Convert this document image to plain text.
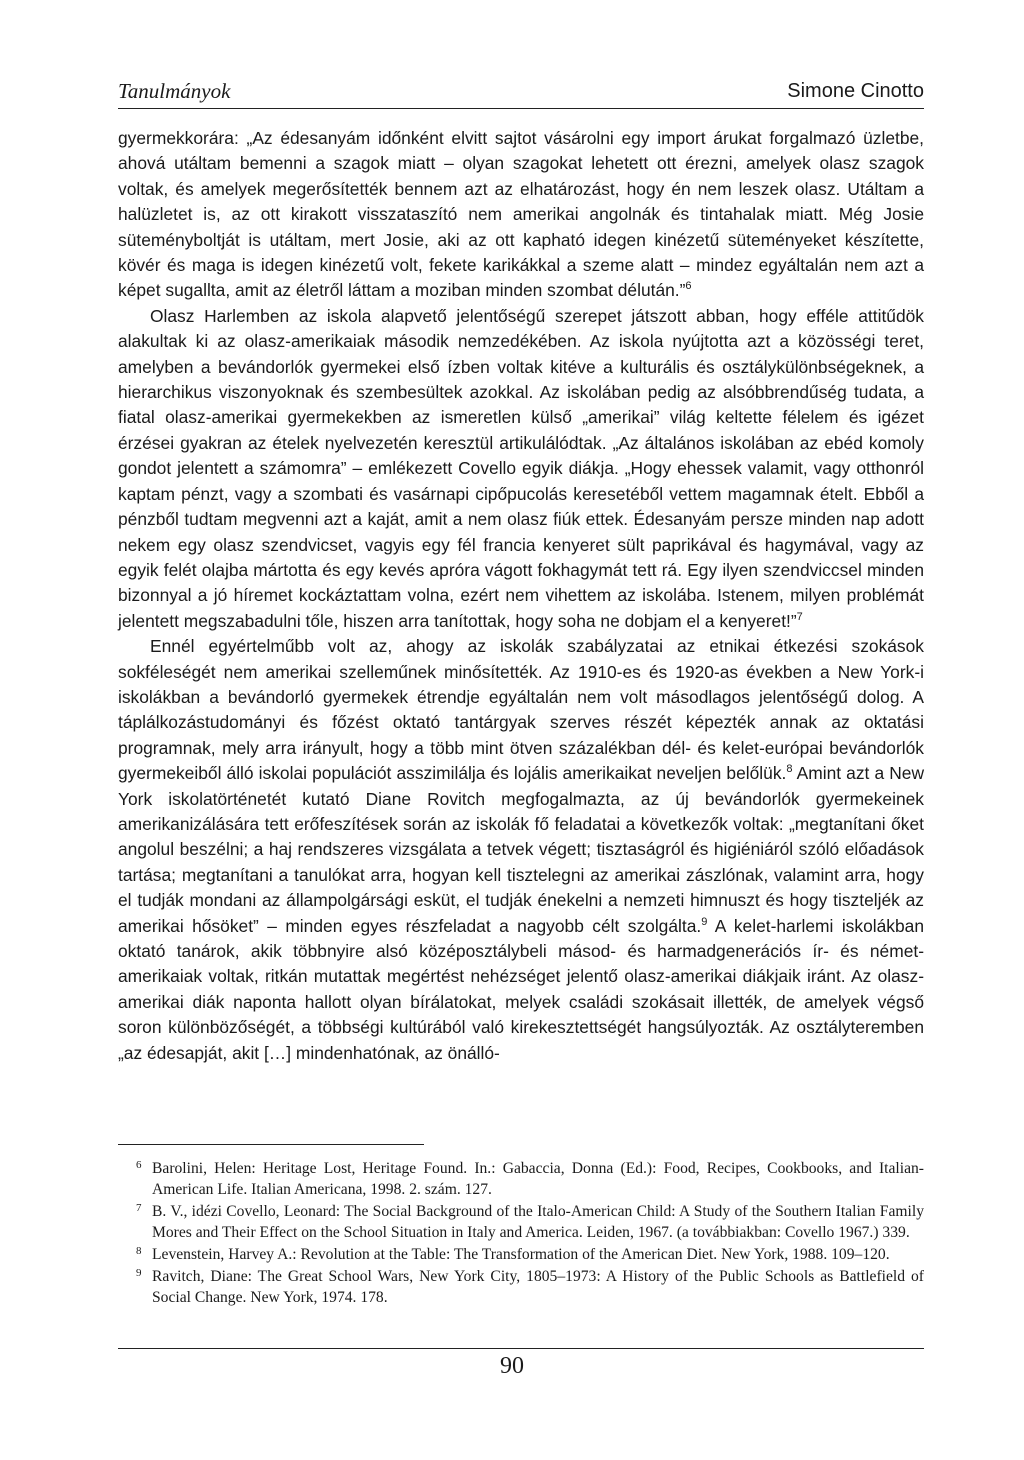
Tanulmányok	Simone Cinotto

gyermekkorára: „Az édesanyám időnként elvitt sajtot vásárolni egy import árukat forgalmazó üzletbe, ahová utáltam bemenni a szagok miatt – olyan szagokat lehetett ott érezni, amelyek olasz szagok voltak, és amelyek megerősítették bennem azt az elhatározást, hogy én nem leszek olasz. Utáltam a halüzletet is, az ott kirakott visszataszító nem amerikai angolnák és tintahalak miatt. Még Josie süteményboltját is utáltam, mert Josie, aki az ott kapható idegen kinézetű süteményeket készítette, kövér és maga is idegen kinézetű volt, fekete karikákkal a szeme alatt – mindez egyáltalán nem azt a képet sugallta, amit az életről láttam a moziban minden szombat délután.”$^6$

Olasz Harlemben az iskola alapvető jelentőségű szerepet játszott abban, hogy efféle attitűdök alakultak ki az olasz-amerikaiak második nemzedékében. Az iskola nyújtotta azt a közösségi teret, amelyben a bevándorlók gyermekei első ízben voltak kitéve a kulturális és osztálykülönbségeknek, a hierarchikus viszonyoknak és szembesültek azokkal. Az iskolában pedig az alsóbbrendűség tudata, a fiatal olasz-amerikai gyermekekben az ismeretlen külső „amerikai” világ keltette félelem és igézet érzései gyakran az ételek nyelvezetén keresztül artikulálódtak. „Az általános iskolában az ebéd komoly gondot jelentett a számomra” – emlékezett Covello egyik diákja. „Hogy ehessek valamit, vagy otthonról kaptam pénzt, vagy a szombati és vasárnapi cipőpucolás keresetéből vettem magamnak ételt. Ebből a pénzből tudtam megvenni azt a kaját, amit a nem olasz fiúk ettek. Édesanyám persze minden nap adott nekem egy olasz szendvicset, vagyis egy fél francia kenyeret sült paprikával és hagymával, vagy az egyik felét olajba mártotta és egy kevés apróra vágott fokhagymát tett rá. Egy ilyen szendviccsel minden bizonnyal a jó híremet kockáztattam volna, ezért nem vihettem az iskolába. Istenem, milyen problémát jelentett megszabadulni tőle, hiszen arra tanítottak, hogy soha ne dobjam el a kenyeret!”$^7$

Ennél egyértelműbb volt az, ahogy az iskolák szabályzatai az etnikai étkezési szokások sokféleségét nem amerikai szelleműnek minősítették. Az 1910-es és 1920-as években a New York-i iskolákban a bevándorló gyermekek étrendje egyáltalán nem volt másodlagos jelentőségű dolog. A táplálkozástudományi és főzést oktató tantárgyak szerves részét képezték annak az oktatási programnak, mely arra irányult, hogy a több mint ötven százalékban dél- és kelet-európai bevándorlók gyermekeiből álló iskolai populációt asszimilálja és lojális amerikaikat neveljen belőlük.$^8$ Amint azt a New York iskolatörténetét kutató Diane Rovitch megfogalmazta, az új bevándorlók gyermekeinek amerikanizálására tett erőfeszítések során az iskolák fő feladatai a következők voltak: „megtanítani őket angolul beszélni; a haj rendszeres vizsgálata a tetvek végett; tisztaságról és higiéniáról szóló előadások tartása; megtanítani a tanulókat arra, hogyan kell tisztelegni az amerikai zászlónak, valamint arra, hogy el tudják mondani az állampolgársági esküt, el tudják énekelni a nemzeti himnuszt és hogy tiszteljék az amerikai hősöket” – minden egyes részfeladat a nagyobb célt szolgálta.$^9$ A kelet-harlemi iskolákban oktató tanárok, akik többnyire alsó középosztálybeli másod- és harmadgenerációs ír- és német-amerikaiak voltak, ritkán mutattak megértést nehézséget jelentő olasz-amerikai diákjaik iránt. Az olasz-amerikai diák naponta hallott olyan bírálatokat, melyek családi szokásait illették, de amelyek végső soron különbözőségét, a többségi kultúrából való kirekesztettségét hangsúlyozták. Az osztályteremben „az édesapját, akit […] mindenhatónak, az önálló-

6 Barolini, Helen: Heritage Lost, Heritage Found. In.: Gabaccia, Donna (Ed.): Food, Recipes, Cookbooks, and Italian-American Life. Italian Americana, 1998. 2. szám. 127.
7 B. V., idézi Covello, Leonard: The Social Background of the Italo-American Child: A Study of the Southern Italian Family Mores and Their Effect on the School Situation in Italy and America. Leiden, 1967. (a továbbiakban: Covello 1967.) 339.
8 Levenstein, Harvey A.: Revolution at the Table: The Transformation of the American Diet. New York, 1988. 109–120.
9 Ravitch, Diane: The Great School Wars, New York City, 1805–1973: A History of the Public Schools as Battlefield of Social Change. New York, 1974. 178.
90
